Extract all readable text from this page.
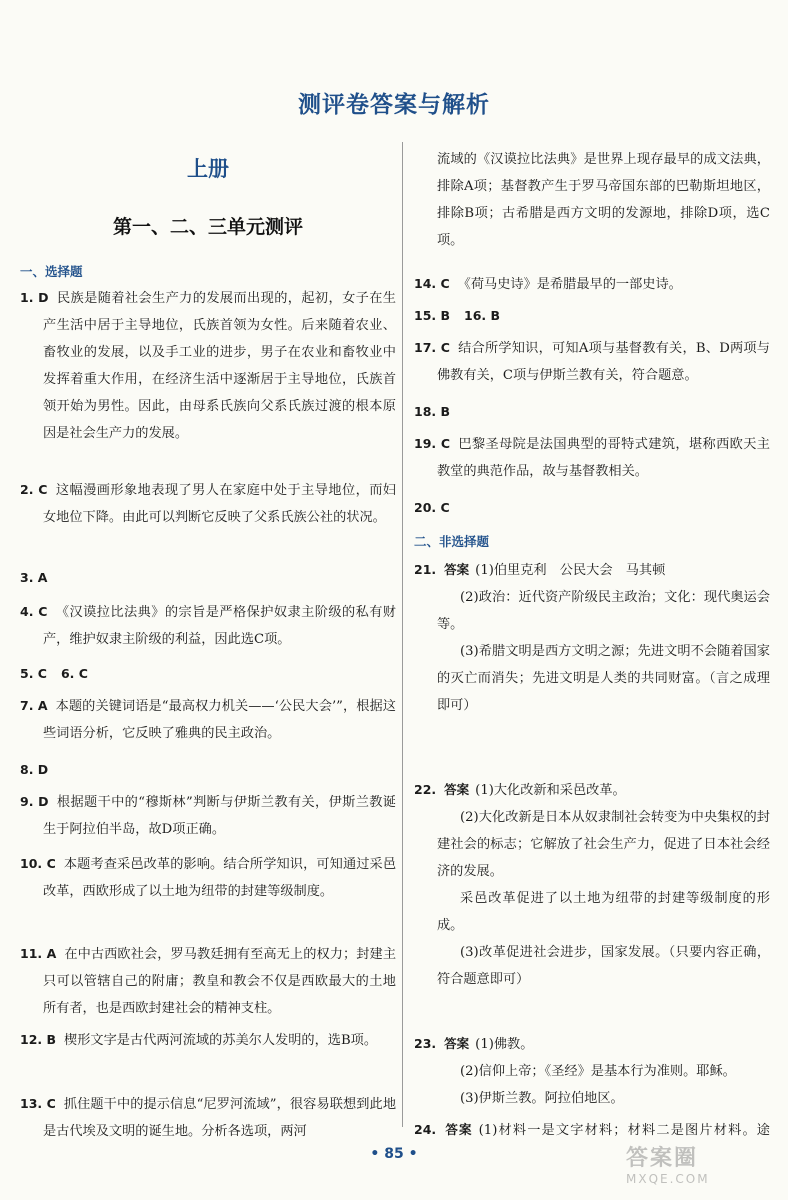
测评卷答案与解析
上册
第一、二、三单元测评
一、选择题
1. D 民族是随着社会生产力的发展而出现的，起初，女子在生产生活中居于主导地位，氏族首领为女性。后来随着农业、畜牧业的发展，以及手工业的进步，男子在农业和畜牧业中发挥着重大作用，在经济生活中逐渐居于主导地位，氏族首领开始为男性。因此，由母系氏族向父系氏族过渡的根本原因是社会生产力的发展。
2. C 这幅漫画形象地表现了男人在家庭中处于主导地位，而妇女地位下降。由此可以判断它反映了父系氏族公社的状况。
3. A
4. C 《汉谟拉比法典》的宗旨是严格保护奴隶主阶级的私有财产，维护奴隶主阶级的利益，因此选C项。
5. C 6. C
7. A 本题的关键词语是“最高权力机关——‘公民大会’”，根据这些词语分析，它反映了雅典的民主政治。
8. D
9. D 根据题干中的“穆斯林”判断与伊斯兰教有关，伊斯兰教诞生于阿拉伯半岛，故D项正确。
10. C 本题考查采邑改革的影响。结合所学知识，可知通过采邑改革，西欧形成了以土地为纽带的封建等级制度。
11. A 在中古西欧社会，罗马教廷拥有至高无上的权力；封建主只可以管辖自己的附庸；教皇和教会不仅是西欧最大的土地所有者，也是西欧封建社会的精神支柱。
12. B 楔形文字是古代两河流域的苏美尔人发明的，选B项。
13. C 抓住题干中的提示信息“尼罗河流域”，很容易联想到此地是古代埃及文明的诞生地。分析各选项，两河
流域的《汉谟拉比法典》是世界上现存最早的成文法典，排除A项；基督教产生于罗马帝国东部的巴勒斯坦地区，排除B项；古希腊是西方文明的发源地，排除D项，选C项。
14. C 《荷马史诗》是希腊最早的一部史诗。
15. B 16. B
17. C 结合所学知识，可知A项与基督教有关，B、D两项与佛教有关，C项与伊斯兰教有关，符合题意。
18. B
19. C 巴黎圣母院是法国典型的哥特式建筑，堪称西欧天主教堂的典范作品，故与基督教相关。
20. C
二、非选择题
21. 答案 (1)伯里克利　公民大会　马其顿
(2)政治：近代资产阶级民主政治；文化：现代奥运会等。
(3)希腊文明是西方文明之源；先进文明不会随着国家的灭亡而消失；先进文明是人类的共同财富。（言之成理即可）
22. 答案 (1)大化改新和采邑改革。
(2)大化改新是日本从奴隶制社会转变为中央集权的封建社会的标志；它解放了社会生产力，促进了日本社会经济的发展。
采邑改革促进了以土地为纽带的封建等级制度的形成。
(3)改革促进社会进步，国家发展。（只要内容正确，符合题意即可）
23. 答案 (1)佛教。
(2)信仰上帝；《圣经》是基本行为准则。耶稣。
(3)伊斯兰教。阿拉伯地区。
24. 答案 (1)材料一是文字材料；材料二是图片材料。途
• 85 •	答案圈
MXQE.COM
